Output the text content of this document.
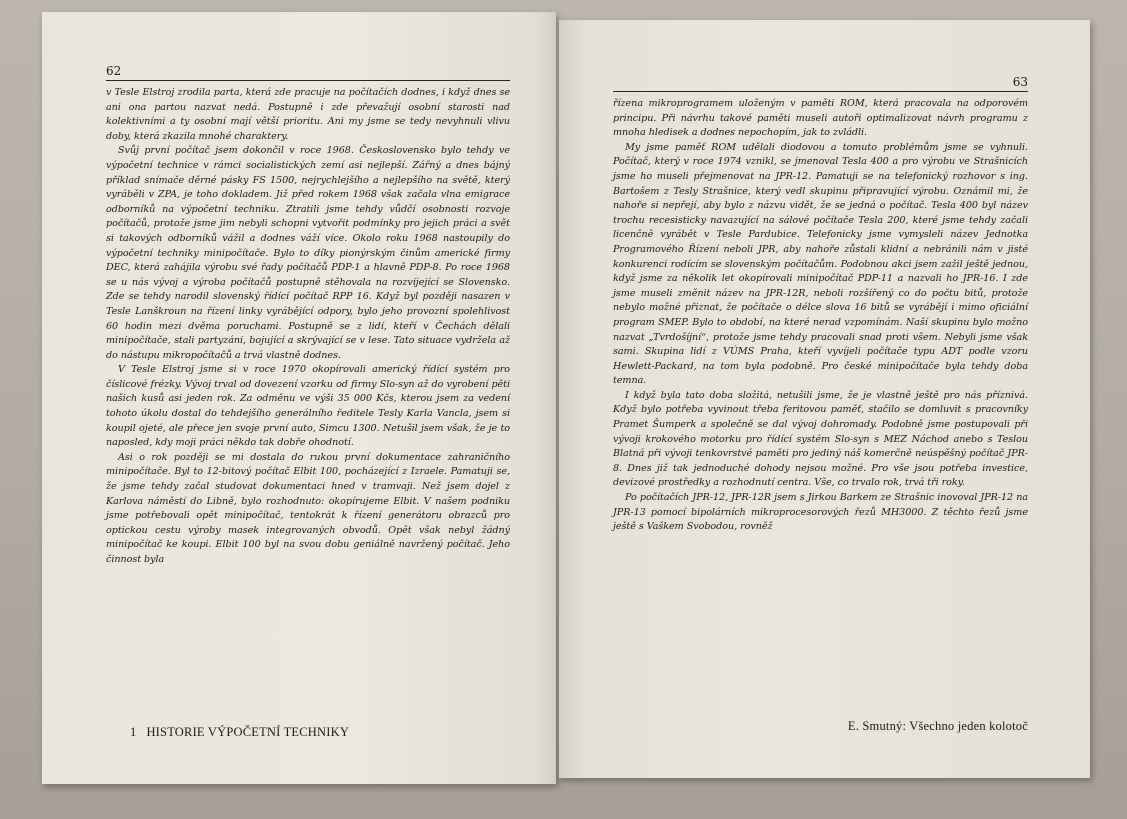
62

v Tesle Elstroj zrodila parta, která zde pracuje na počítačích dodnes, i když dnes se ani ona partou nazvat nedá. Postupně i zde převažují osobní starosti nad kolektivními a ty osobní mají větší prioritu. Ani my jsme se tedy nevyhnuli vlivu doby, která zkazila mnohé charaktery.

Svůj první počítač jsem dokončil v roce 1968. Československo bylo tehdy ve výpočetní technice v rámci socialistických zemí asi nejlepší. Zářný a dnes bájný příklad snímače děrné pásky FS 1500, nejrychlejšího a nejlepšího na světě, který vyráběli v ZPA, je toho dokladem. Již před rokem 1968 však začala vlna emigrace odborníků na výpočetní techniku. Ztratili jsme tehdy vůdčí osobnosti rozvoje počítačů, protože jsme jim nebyli schopni vytvořit podmínky pro jejich práci a svět si takových odborníků vážil a dodnes váží více. Okolo roku 1968 nastoupily do výpočetní techniky minipočítače. Bylo to díky pionýrským činům americké firmy DEC, která zahájila výrobu své řady počítačů PDP-1 a hlavně PDP-8. Po roce 1968 se u nás vývoj a výroba počítačů postupně stěhovala na rozvíjející se Slovensko. Zde se tehdy narodil slovenský řídící počítač RPP 16. Když byl později nasazen v Tesle Lanškroun na řízení linky vyrábějící odpory, bylo jeho provozní spolehlivost 60 hodin mezi dvěma poruchami. Postupně se z lidí, kteří v Čechách dělali minipočítače, stali partyzáni, bojující a skrývající se v lese. Tato situace vydržela až do nástupu mikropočítačů a trvá vlastně dodnes.

V Tesle Elstroj jsme si v roce 1970 okopírovali americký řídící systém pro číslicové frézky. Vývoj trval od dovezení vzorku od firmy Slo-syn až do vyrobení pěti našich kusů asi jeden rok. Za odměnu ve výši 35 000 Kčs, kterou jsem za vedení tohoto úkolu dostal do tehdejšího generálního ředitele Tesly Karla Vancla, jsem si koupil ojeté, ale přece jen svoje první auto, Simcu 1300. Netušil jsem však, že je to naposled, kdy moji práci někdo tak dobře ohodnotí.

Asi o rok později se mi dostala do rukou první dokumentace zahraničního minipočítače. Byl to 12-bitový počítač Elbit 100, pocházející z Izraele. Pamatuji se, že jsme tehdy začal studovat dokumentaci hned v tramvaji. Než jsem dojel z Karlova náměstí do Libně, bylo rozhodnuto: okopírujeme Elbit. V našem podniku jsme potřebovali opět minipočítač, tentokrát k řízení generátoru obrazců pro optickou cestu výroby masek integrovaných obvodů. Opět však nebyl žádný minipočítač ke koupi. Elbit 100 byl na svou dobu geniálně navržený počítač. Jeho činnost byla

1 HISTORIE VÝPOČETNÍ TECHNIKY
63

řízena mikroprogramem uloženým v paměti ROM, která pracovala na odporovém principu. Při návrhu takové paměti museli autoři optimalizovat návrh programu z mnoha hledisek a dodnes nepochopím, jak to zvládli.

My jsme paměť ROM udělali diodovou a tomuto problémům jsme se vyhnuli. Počítač, který v roce 1974 vznikl, se jmenoval Tesla 400 a pro výrobu ve Strašnicích jsme ho museli přejmenovat na JPR-12. Pamatuji se na telefonický rozhovor s ing. Bartošem z Tesly Strašnice, který vedl skupinu připravující výrobu. Oznámil mi, že nahoře si nepřejí, aby bylo z názvu vidět, že se jedná o počítač. Tesla 400 byl název trochu recesisticky navazující na sálové počítače Tesla 200, které jsme tehdy začali licenčně vyrábět v Tesle Pardubice. Telefonicky jsme vymysleli název Jednotka Programového Řízení neboli JPR, aby nahoře zůstali klidní a nebránili nám v jisté konkurenci rodícím se slovenským počítačům. Podobnou akci jsem zažil ještě jednou, když jsme za několik let okopírovali minipočítač PDP-11 a nazvali ho JPR-16. I zde jsme museli změnit název na JPR-12R, neboli rozšířený co do počtu bitů, protože nebylo možné přiznat, že počítače o délce slova 16 bitů se vyrábějí i mimo oficiální program SMEP. Bylo to období, na které nerad vzpomínám. Naší skupinu bylo možno nazvat „Tvrdošíjní“, protože jsme tehdy pracovali snad proti všem. Nebyli jsme však sami. Skupina lidí z VÚMS Praha, kteří vyvíjeli počítače typu ADT podle vzoru Hewlett-Packard, na tom byla podobně. Pro české minipočítače byla tehdy doba temna.

I když byla tato doba složitá, netušili jsme, že je vlastně ještě pro nás příznivá. Když bylo potřeba vyvinout třeba feritovou paměť, stačilo se domluvit s pracovníky Pramet Šumperk a společně se dal vývoj dohromady. Podobně jsme postupovali při vývoji krokového motorku pro řídící systém Slo-syn s MEZ Náchod anebo s Teslou Blatná při vývoji tenkovrstvé paměti pro jediný náš komerčně neúspěšný počítač JPR-8. Dnes již tak jednoduché dohody nejsou možné. Pro vše jsou potřeba investice, devizové prostředky a rozhodnutí centra. Vše, co trvalo rok, trvá tři roky.

Po počítačích JPR-12, JPR-12R jsem s Jirkou Barkem ze Strašnic inovoval JPR-12 na JPR-13 pomocí bipolárních mikroprocesorových řezů MH3000. Z těchto řezů jsme ještě s Vaškem Svobodou, rovněž

E. Smutný: Všechno jeden kolotoč
